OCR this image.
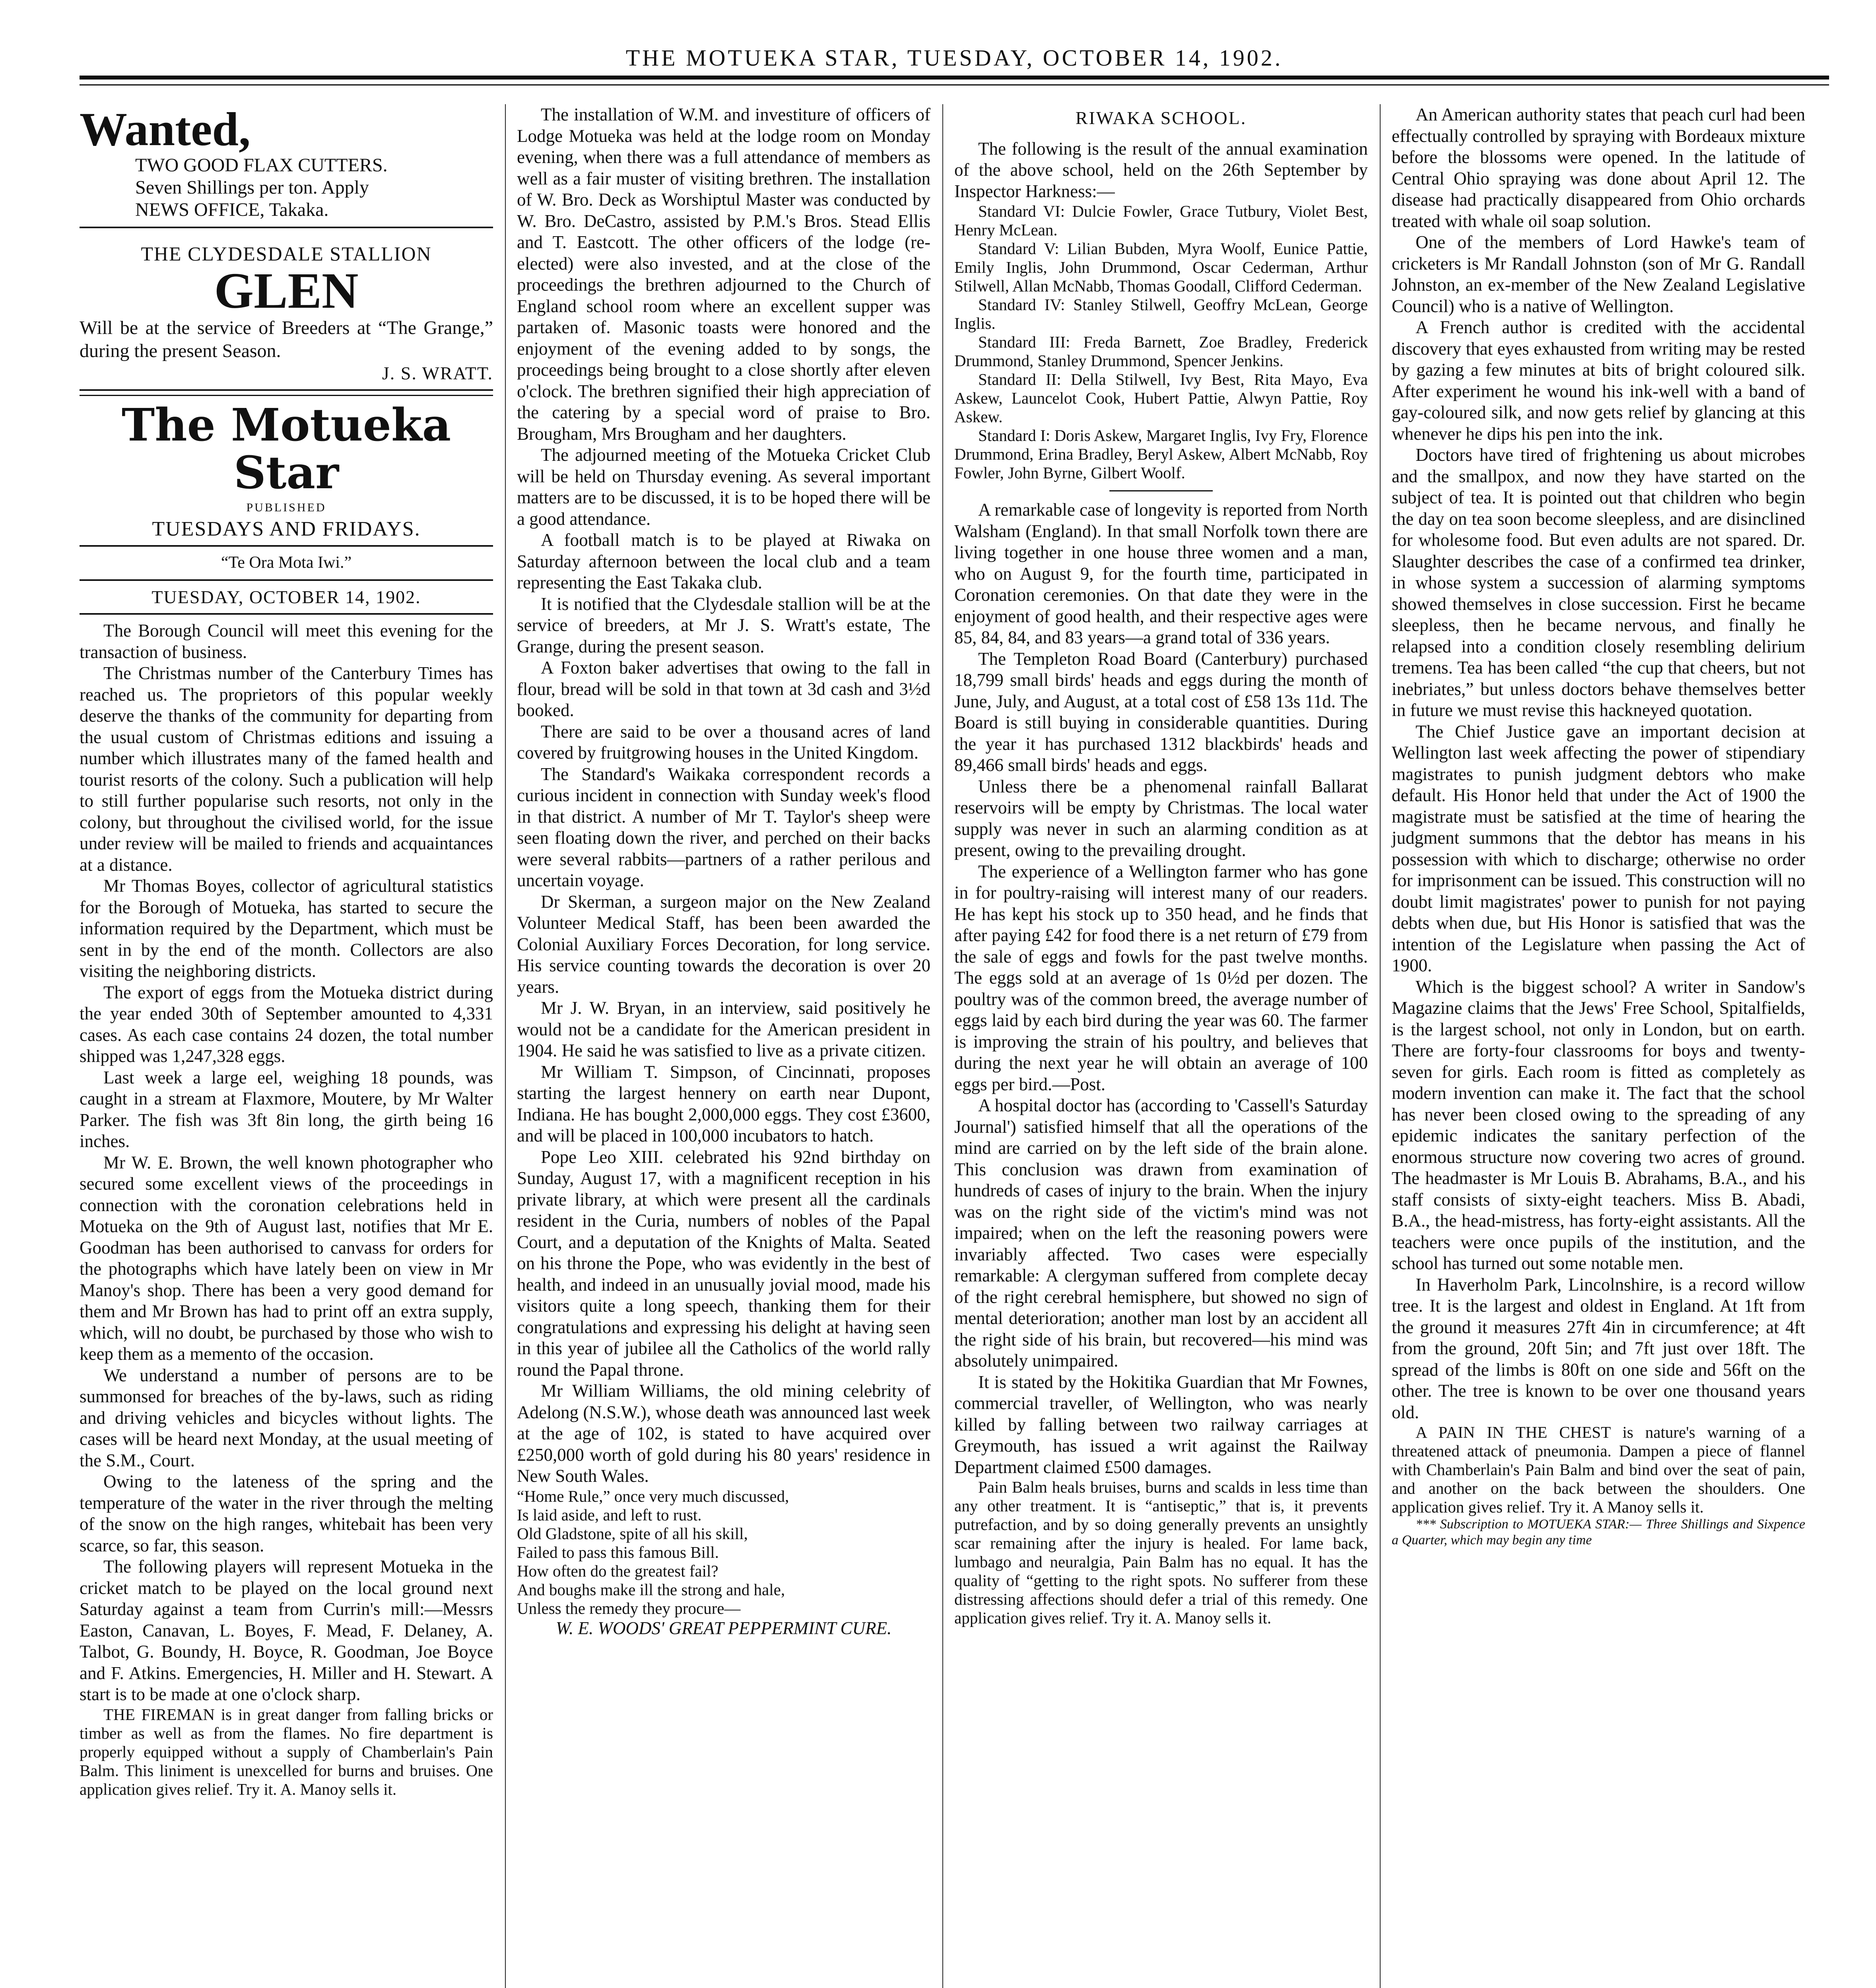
THE MOTUEKA STAR, TUESDAY, OCTOBER 14, 1902.
Wanted,
TWO GOOD FLAX CUTTERS.
Seven Shillings per ton. Apply
NEWS OFFICE, Takaka.
THE CLYDESDALE STALLION
GLEN

Will be at the service of Breeders at “The Grange,” during the present Season.

J. S. WRATT.
The Motueka Star
PUBLISHED
TUESDAYS AND FRIDAYS.
“Te Ora Mota Iwi.”
TUESDAY, OCTOBER 14, 1902.

The Borough Council will meet this evening for the transaction of business.

The Christmas number of the Canterbury Times has reached us. The proprietors of this popular weekly deserve the thanks of the community for departing from the usual custom of Christmas editions and issuing a number which illustrates many of the famed health and tourist resorts of the colony. Such a publication will help to still further popularise such resorts, not only in the colony, but throughout the civilised world, for the issue under review will be mailed to friends and acquaintances at a distance.

Mr Thomas Boyes, collector of agricultural statistics for the Borough of Motueka, has started to secure the information required by the Department, which must be sent in by the end of the month. Collectors are also visiting the neighboring districts.

The export of eggs from the Motueka district during the year ended 30th of September amounted to 4,331 cases. As each case contains 24 dozen, the total number shipped was 1,247,328 eggs.

Last week a large eel, weighing 18 pounds, was caught in a stream at Flaxmore, Moutere, by Mr Walter Parker. The fish was 3ft 8in long, the girth being 16 inches.

Mr W. E. Brown, the well known photographer who secured some excellent views of the proceedings in connection with the coronation celebrations held in Motueka on the 9th of August last, notifies that Mr E. Goodman has been authorised to canvass for orders for the photographs which have lately been on view in Mr Manoy's shop. There has been a very good demand for them and Mr Brown has had to print off an extra supply, which, will no doubt, be purchased by those who wish to keep them as a memento of the occasion.

We understand a number of persons are to be summonsed for breaches of the by-laws, such as riding and driving vehicles and bicycles without lights. The cases will be heard next Monday, at the usual meeting of the S.M., Court.

Owing to the lateness of the spring and the temperature of the water in the river through the melting of the snow on the high ranges, whitebait has been very scarce, so far, this season.

The following players will represent Motueka in the cricket match to be played on the local ground next Saturday against a team from Currin's mill:—Messrs Easton, Canavan, L. Boyes, F. Mead, F. Delaney, A. Talbot, G. Boundy, H. Boyce, R. Goodman, Joe Boyce and F. Atkins. Emergencies, H. Miller and H. Stewart. A start is to be made at one o'clock sharp.

THE FIREMAN is in great danger from falling bricks or timber as well as from the flames. No fire department is properly equipped without a supply of Chamberlain's Pain Balm. This liniment is unexcelled for burns and bruises. One application gives relief. Try it. A. Manoy sells it.

The installation of W.M. and investiture of officers of Lodge Motueka was held at the lodge room on Monday evening, when there was a full attendance of members as well as a fair muster of visiting brethren. The installation of W. Bro. Deck as Worshiptul Master was conducted by W. Bro. DeCastro, assisted by P.M.'s Bros. Stead Ellis and T. Eastcott. The other officers of the lodge (re-elected) were also invested, and at the close of the proceedings the brethren adjourned to the Church of England school room where an excellent supper was partaken of. Masonic toasts were honored and the enjoyment of the evening added to by songs, the proceedings being brought to a close shortly after eleven o'clock. The brethren signified their high appreciation of the catering by a special word of praise to Bro. Brougham, Mrs Brougham and her daughters.

The adjourned meeting of the Motueka Cricket Club will be held on Thursday evening. As several important matters are to be discussed, it is to be hoped there will be a good attendance.

A football match is to be played at Riwaka on Saturday afternoon between the local club and a team representing the East Takaka club.

It is notified that the Clydesdale stallion will be at the service of breeders, at Mr J. S. Wratt's estate, The Grange, during the present season.

A Foxton baker advertises that owing to the fall in flour, bread will be sold in that town at 3d cash and 3½d booked.

There are said to be over a thousand acres of land covered by fruitgrowing houses in the United Kingdom.

The Standard's Waikaka correspondent records a curious incident in connection with Sunday week's flood in that district. A number of Mr T. Taylor's sheep were seen floating down the river, and perched on their backs were several rabbits—partners of a rather perilous and uncertain voyage.

Dr Skerman, a surgeon major on the New Zealand Volunteer Medical Staff, has been been awarded the Colonial Auxiliary Forces Decoration, for long service. His service counting towards the decoration is over 20 years.

Mr J. W. Bryan, in an interview, said positively he would not be a candidate for the American president in 1904. He said he was satisfied to live as a private citizen.

Mr William T. Simpson, of Cincinnati, proposes starting the largest hennery on earth near Dupont, Indiana. He has bought 2,000,000 eggs. They cost £3600, and will be placed in 100,000 incubators to hatch.

Pope Leo XIII. celebrated his 92nd birthday on Sunday, August 17, with a magnificent reception in his private library, at which were present all the cardinals resident in the Curia, numbers of nobles of the Papal Court, and a deputation of the Knights of Malta. Seated on his throne the Pope, who was evidently in the best of health, and indeed in an unusually jovial mood, made his visitors quite a long speech, thanking them for their congratulations and expressing his delight at having seen in this year of jubilee all the Catholics of the world rally round the Papal throne.

Mr William Williams, the old mining celebrity of Adelong (N.S.W.), whose death was announced last week at the age of 102, is stated to have acquired over £250,000 worth of gold during his 80 years' residence in New South Wales.

“Home Rule,” once very much discussed,
Is laid aside, and left to rust.
Old Gladstone, spite of all his skill,
Failed to pass this famous Bill.
How often do the greatest fail?
And boughs make ill the strong and hale,
Unless the remedy they procure—
W. E. WOODS' GREAT PEPPERMINT CURE.
RIWAKA SCHOOL.

The following is the result of the annual examination of the above school, held on the 26th September by Inspector Harkness:—

Standard VI: Dulcie Fowler, Grace Tutbury, Violet Best, Henry McLean.

Standard V: Lilian Bubden, Myra Woolf, Eunice Pattie, Emily Inglis, John Drummond, Oscar Cederman, Arthur Stilwell, Allan McNabb, Thomas Goodall, Clifford Cederman.

Standard IV: Stanley Stilwell, Geoffry McLean, George Inglis.

Standard III: Freda Barnett, Zoe Bradley, Frederick Drummond, Stanley Drummond, Spencer Jenkins.

Standard II: Della Stilwell, Ivy Best, Rita Mayo, Eva Askew, Launcelot Cook, Hubert Pattie, Alwyn Pattie, Roy Askew.

Standard I: Doris Askew, Margaret Inglis, Ivy Fry, Florence Drummond, Erina Bradley, Beryl Askew, Albert McNabb, Roy Fowler, John Byrne, Gilbert Woolf.

A remarkable case of longevity is reported from North Walsham (England). In that small Norfolk town there are living together in one house three women and a man, who on August 9, for the fourth time, participated in Coronation ceremonies. On that date they were in the enjoyment of good health, and their respective ages were 85, 84, 84, and 83 years—a grand total of 336 years.

The Templeton Road Board (Canterbury) purchased 18,799 small birds' heads and eggs during the month of June, July, and August, at a total cost of £58 13s 11d. The Board is still buying in considerable quantities. During the year it has purchased 1312 blackbirds' heads and 89,466 small birds' heads and eggs.

Unless there be a phenomenal rainfall Ballarat reservoirs will be empty by Christmas. The local water supply was never in such an alarming condition as at present, owing to the prevailing drought.

The experience of a Wellington farmer who has gone in for poultry-raising will interest many of our readers. He has kept his stock up to 350 head, and he finds that after paying £42 for food there is a net return of £79 from the sale of eggs and fowls for the past twelve months. The eggs sold at an average of 1s 0½d per dozen. The poultry was of the common breed, the average number of eggs laid by each bird during the year was 60. The farmer is improving the strain of his poultry, and believes that during the next year he will obtain an average of 100 eggs per bird.—Post.

A hospital doctor has (according to 'Cassell's Saturday Journal') satisfied himself that all the operations of the mind are carried on by the left side of the brain alone. This conclusion was drawn from examination of hundreds of cases of injury to the brain. When the injury was on the right side of the victim's mind was not impaired; when on the left the reasoning powers were invariably affected. Two cases were especially remarkable: A clergyman suffered from complete decay of the right cerebral hemisphere, but showed no sign of mental deterioration; another man lost by an accident all the right side of his brain, but recovered—his mind was absolutely unimpaired.

It is stated by the Hokitika Guardian that Mr Fownes, commercial traveller, of Wellington, who was nearly killed by falling between two railway carriages at Greymouth, has issued a writ against the Railway Department claimed £500 damages.

Pain Balm heals bruises, burns and scalds in less time than any other treatment. It is “antiseptic,” that is, it prevents putrefaction, and by so doing generally prevents an unsightly scar remaining after the injury is healed. For lame back, lumbago and neuralgia, Pain Balm has no equal. It has the quality of “getting to the right spots. No sufferer from these distressing affections should defer a trial of this remedy. One application gives relief. Try it. A. Manoy sells it.

An American authority states that peach curl had been effectually controlled by spraying with Bordeaux mixture before the blossoms were opened. In the latitude of Central Ohio spraying was done about April 12. The disease had practically disappeared from Ohio orchards treated with whale oil soap solution.

One of the members of Lord Hawke's team of cricketers is Mr Randall Johnston (son of Mr G. Randall Johnston, an ex-member of the New Zealand Legislative Council) who is a native of Wellington.

A French author is credited with the accidental discovery that eyes exhausted from writing may be rested by gazing a few minutes at bits of bright coloured silk. After experiment he wound his ink-well with a band of gay-coloured silk, and now gets relief by glancing at this whenever he dips his pen into the ink.

Doctors have tired of frightening us about microbes and the smallpox, and now they have started on the subject of tea. It is pointed out that children who begin the day on tea soon become sleepless, and are disinclined for wholesome food. But even adults are not spared. Dr. Slaughter describes the case of a confirmed tea drinker, in whose system a succession of alarming symptoms showed themselves in close succession. First he became sleepless, then he became nervous, and finally he relapsed into a condition closely resembling delirium tremens. Tea has been called “the cup that cheers, but not inebriates,” but unless doctors behave themselves better in future we must revise this hackneyed quotation.

The Chief Justice gave an important decision at Wellington last week affecting the power of stipendiary magistrates to punish judgment debtors who make default. His Honor held that under the Act of 1900 the magistrate must be satisfied at the time of hearing the judgment summons that the debtor has means in his possession with which to discharge; otherwise no order for imprisonment can be issued. This construction will no doubt limit magistrates' power to punish for not paying debts when due, but His Honor is satisfied that was the intention of the Legislature when passing the Act of 1900.

Which is the biggest school? A writer in Sandow's Magazine claims that the Jews' Free School, Spitalfields, is the largest school, not only in London, but on earth. There are forty-four classrooms for boys and twenty-seven for girls. Each room is fitted as completely as modern invention can make it. The fact that the school has never been closed owing to the spreading of any epidemic indicates the sanitary perfection of the enormous structure now covering two acres of ground. The headmaster is Mr Louis B. Abrahams, B.A., and his staff consists of sixty-eight teachers. Miss B. Abadi, B.A., the head-mistress, has forty-eight assistants. All the teachers were once pupils of the institution, and the school has turned out some notable men.

In Haverholm Park, Lincolnshire, is a record willow tree. It is the largest and oldest in England. At 1ft from the ground it measures 27ft 4in in circumference; at 4ft from the ground, 20ft 5in; and 7ft just over 18ft. The spread of the limbs is 80ft on one side and 56ft on the other. The tree is known to be over one thousand years old.

A PAIN IN THE CHEST is nature's warning of a threatened attack of pneumonia. Dampen a piece of flannel with Chamberlain's Pain Balm and bind over the seat of pain, and another on the back between the shoulders. One application gives relief. Try it. A Manoy sells it.

*** Subscription to MOTUEKA STAR:— Three Shillings and Sixpence a Quarter, which may begin any time
